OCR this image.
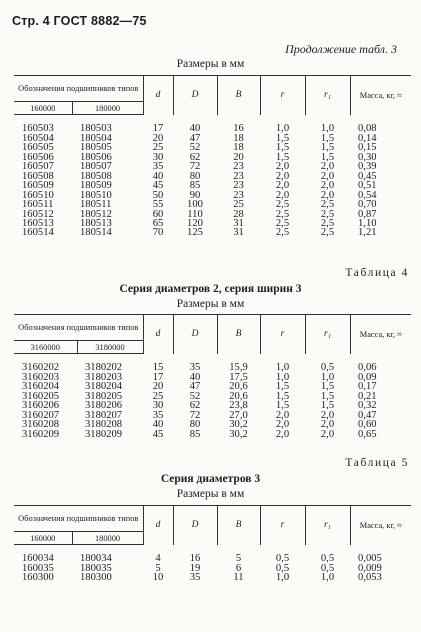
Стр. 4 ГОСТ 8882—75
Продолжение табл. 3
Размеры в мм
Обозначения подшипников типов		d	D	B	r	r₁	Масса, кг, ≈
160000	180000						

160503	180503	17	40	16	1,0	1,0	0,08
160504	180504	20	47	18	1,5	1,5	0,14
160505	180505	25	52	18	1,5	1,5	0,15
160506	180506	30	62	20	1,5	1,5	0,30
160507	180507	35	72	23	2,0	2,0	0,39
160508	180508	40	80	23	2,0	2,0	0,45
160509	180509	45	85	23	2,0	2,0	0,51
160510	180510	50	90	23	2,0	2,0	0,54
160511	180511	55	100	25	2,5	2,5	0,70
160512	180512	60	110	28	2,5	2,5	0,87
160513	180513	65	120	31	2,5	2,5	1,10
160514	180514	70	125	31	2,5	2,5	1,21
Таблица 4
Серия диаметров 2, серия ширин 3
Размеры в мм
Обозначения подшипников типов		d	D	B	r	r₁	Масса, кг, ≈
3160000	3180000						

3160202	3180202	15	35	15,9	1,0	0,5	0,06
3160203	3180203	17	40	17,5	1,0	1,0	0,09
3160204	3180204	20	47	20,6	1,5	1,5	0,17
3160205	3180205	25	52	20,6	1,5	1,5	0,21
3160206	3180206	30	62	23,8	1,5	1,5	0,32
3160207	3180207	35	72	27,0	2,0	2,0	0,47
3160208	3180208	40	80	30,2	2,0	2,0	0,60
3160209	3180209	45	85	30,2	2,0	2,0	0,65
Таблица 5
Серия диаметров 3
Размеры в мм
Обозначения подшипников типов		d	D	B	r	r₁	Масса, кг, ≈
160000	180000						

160034	180034	4	16	5	0,5	0,5	0,005
160035	180035	5	19	6	0,5	0,5	0,009
160300	180300	10	35	11	1,0	1,0	0,053
